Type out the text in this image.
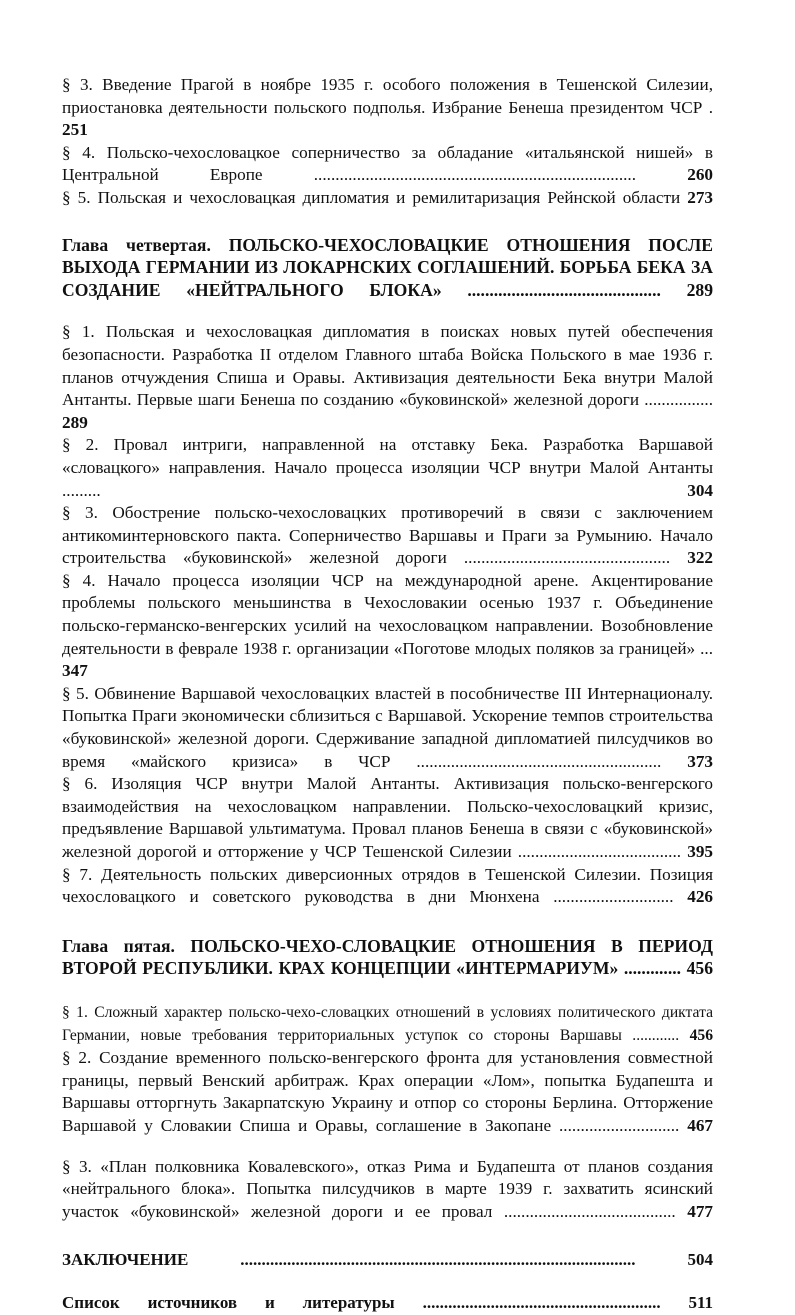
§ 3. Введение Прагой в ноябре 1935 г. особого положения в Тешенской Силезии, приостановка деятельности польского подполья. Избрание Бенеша президентом ЧСР . 251
§ 4. Польско-чехословацкое соперничество за обладание «итальянской нишей» в Центральной Европе ........................................................................... 260
§ 5. Польская и чехословацкая дипломатия и ремилитаризация Рейнской области 273
Глава четвертая. ПОЛЬСКО-ЧЕХОСЛОВАЦКИЕ ОТНОШЕНИЯ ПОСЛЕ ВЫХОДА ГЕРМАНИИ ИЗ ЛОКАРНСКИХ СОГЛАШЕНИЙ. БОРЬБА БЕКА ЗА СОЗДАНИЕ «НЕЙТРАЛЬНОГО БЛОКА» ............................................ 289
§ 1. Польская и чехословацкая дипломатия в поисках новых путей обеспечения безопасности. Разработка II отделом Главного штаба Войска Польского в мае 1936 г. планов отчуждения Спиша и Оравы. Активизация деятельности Бека внутри Малой Антанты. Первые шаги Бенеша по созданию «буковинской» железной дороги ................ 289
§ 2. Провал интриги, направленной на отставку Бека. Разработка Варшавой «словацкого» направления. Начало процесса изоляции ЧСР внутри Малой Антанты ......... 304
§ 3. Обострение польско-чехословацких противоречий в связи с заключением антикоминтерновского пакта. Соперничество Варшавы и Праги за Румынию. Начало строительства «буковинской» железной дороги ................................................ 322
§ 4. Начало процесса изоляции ЧСР на международной арене. Акцентирование проблемы польского меньшинства в Чехословакии осенью 1937 г. Объединение польско-германско-венгерских усилий на чехословацком направлении. Возобновление деятельности в феврале 1938 г. организации «Поготове млодых поляков за границей» ... 347
§ 5. Обвинение Варшавой чехословацких властей в пособничестве III Интернационалу. Попытка Праги экономически сблизиться с Варшавой. Ускорение темпов строительства «буковинской» железной дороги. Сдерживание западной дипломатией пилсудчиков во время «майского кризиса» в ЧСР ......................................................... 373
§ 6. Изоляция ЧСР внутри Малой Антанты. Активизация польско-венгерского взаимодействия на чехословацком направлении. Польско-чехословацкий кризис, предъявление Варшавой ультиматума. Провал планов Бенеша в связи с «буковинской» железной дорогой и отторжение у ЧСР Тешенской Силезии ...................................... 395
§ 7. Деятельность польских диверсионных отрядов в Тешенской Силезии. Позиция чехословацкого и советского руководства в дни Мюнхена ............................ 426
Глава пятая. ПОЛЬСКО-ЧЕХО-СЛОВАЦКИЕ ОТНОШЕНИЯ В ПЕРИОД ВТОРОЙ РЕСПУБЛИКИ. КРАХ КОНЦЕПЦИИ «ИНТЕРМАРИУМ» ............. 456
§ 1. Сложный характер польско-чехо-словацких отношений в условиях политического диктата Германии, новые требования территориальных уступок со стороны Варшавы ............ 456
§ 2. Создание временного польско-венгерского фронта для установления совместной границы, первый Венский арбитраж. Крах операции «Лом», попытка Будапешта и Варшавы отторгнуть Закарпатскую Украину и отпор со стороны Берлина. Отторжение Варшавой у Словакии Спиша и Оравы, соглашение в Закопане ............................ 467
§ 3. «План полковника Ковалевского», отказ Рима и Будапешта от планов создания «нейтрального блока». Попытка пилсудчиков в марте 1939 г. захватить ясинский участок «буковинской» железной дороги и ее провал ........................................ 477
ЗАКЛЮЧЕНИЕ ............................................................................................. 504
Список источников и литературы ........................................................ 511
